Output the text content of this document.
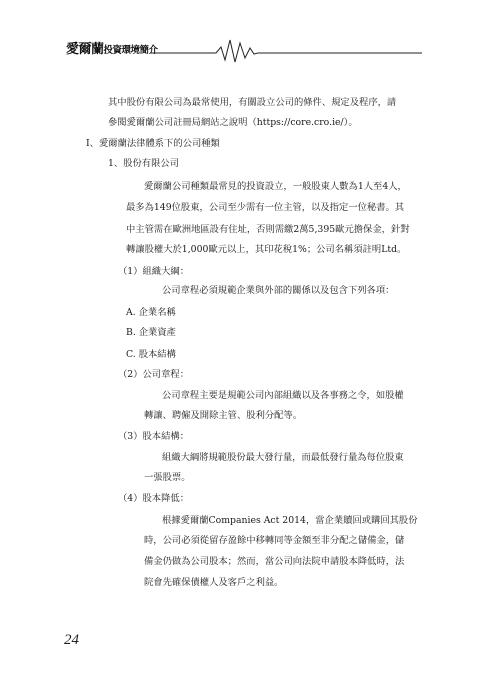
愛爾蘭投資環境簡介
其中股份有限公司為最常使用，有關設立公司的條件、規定及程序，請
參閱愛爾蘭公司註冊局網站之說明（https://core.cro.ie/）。
I、愛爾蘭法律體系下的公司種類
1、股份有限公司
愛爾蘭公司種類最常見的投資設立，一般股東人數為1人至4人，
最多為149位股東，公司至少需有一位主管，以及指定一位秘書。其
中主管需在歐洲地區設有住址，否則需繳2萬5,395歐元擔保金，針對
轉讓股權大於1,000歐元以上，其印花稅1%；公司名稱須註明Ltd。
（1）組織大綱：
公司章程必須規範企業與外部的關係以及包含下列各項：
A. 企業名稱
B. 企業資產
C. 股本結構
（2）公司章程：
公司章程主要是規範公司內部組織以及各事務之令，如股權
轉讓、聘僱及開除主管、股利分配等。
（3）股本結構：
組織大綱將規範股份最大發行量，而最低發行量為每位股東
一張股票。
（4）股本降低：
根據愛爾蘭Companies Act 2014，當企業贖回或購回其股份
時，公司必須從留存盈餘中移轉同等金額至非分配之儲備金，儲
備金仍做為公司股本；然而，當公司向法院申請股本降低時，法
院會先確保債權人及客戶之利益。
24
